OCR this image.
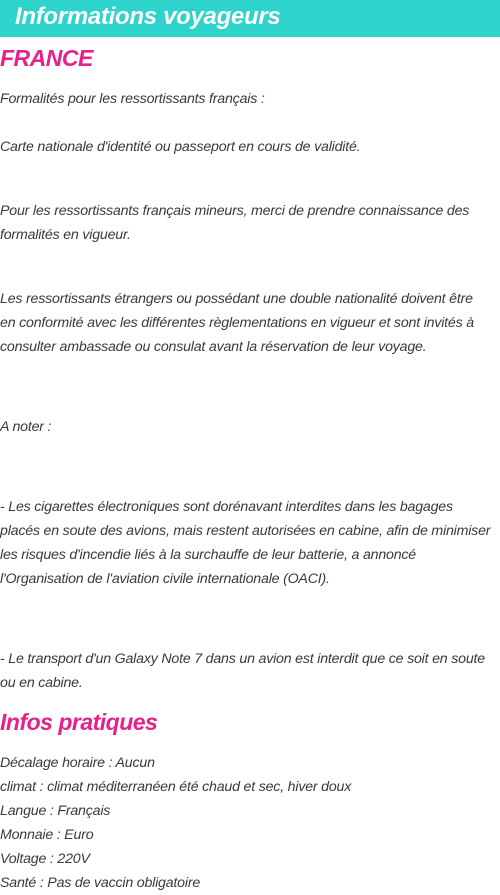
Informations voyageurs
FRANCE
Formalités pour les ressortissants français :
Carte nationale d'identité ou passeport en cours de validité.
Pour les ressortissants français mineurs, merci de prendre connaissance des
formalités en vigueur.
Les ressortissants étrangers ou possédant une double nationalité doivent être
en conformité avec les différentes règlementations en vigueur et sont invités à
consulter ambassade ou consulat avant la réservation de leur voyage.
A noter :
- Les cigarettes électroniques sont dorénavant interdites dans les bagages
placés en soute des avions, mais restent autorisées en cabine, afin de minimiser
les risques d'incendie liés à la surchauffe de leur batterie, a annoncé
l'Organisation de l'aviation civile internationale (OACI).
- Le transport d'un Galaxy Note 7 dans un avion est interdit que ce soit en soute
ou en cabine.
Infos pratiques
Décalage horaire : Aucun
climat : climat méditerranéen été chaud et sec, hiver doux
Langue : Français
Monnaie : Euro
Voltage : 220V
Santé : Pas de vaccin obligatoire
